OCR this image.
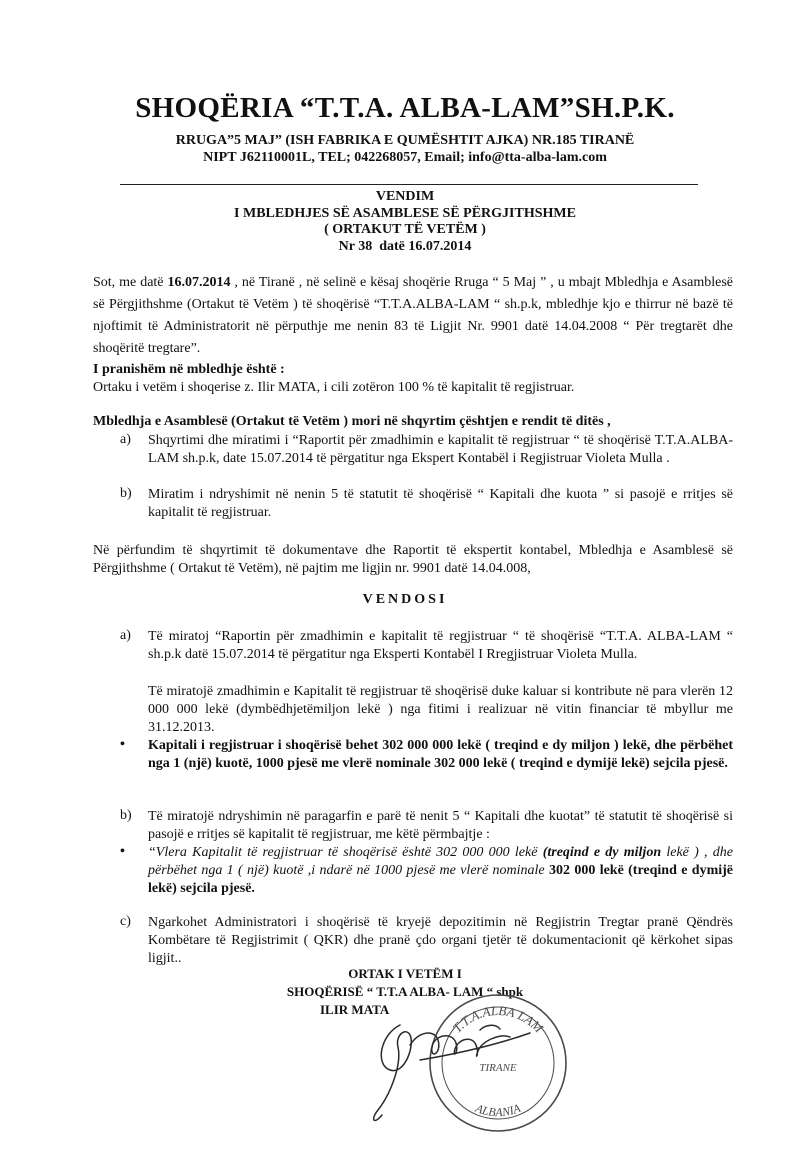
SHOQËRIA “T.T.A. ALBA-LAM”SH.P.K.
RRUGA”5 MAJ” (ISH FABRIKA E QUMËSHTIT AJKA) NR.185 TIRANË
NIPT J62110001L, TEL; 042268057, Email; info@tta-alba-lam.com
VENDIM
I MBLEDHJES SË ASAMBLESE SË PËRGJITHSHME
( ORTAKUT TË VETËM )
Nr 38 datë 16.07.2014
Sot, me datë 16.07.2014 , në Tiranë , në selinë e kësaj shoqërie Rruga “ 5 Maj ” , u mbajt Mbledhja e Asamblesë së Përgjithshme (Ortakut të Vetëm ) të shoqërisë “T.T.A.ALBA-LAM “ sh.p.k, mbledhje kjo e thirrur në bazë të njoftimit të Administratorit në përputhje me nenin 83 të Ligjit Nr. 9901 datë 14.04.2008 “ Për tregtarët dhe shoqëritë tregtare”.
I pranishëm në mbledhje është :
Ortaku i vetëm i shoqerise z. Ilir MATA, i cili zotëron 100 % të kapitalit të regjistruar.
Mbledhja e Asamblesë (Ortakut të Vetëm ) mori në shqyrtim çështjen e rendit të ditës ,
a) Shqyrtimi dhe miratimi i “Raportit për zmadhimin e kapitalit të regjistruar “ të shoqërisë T.T.A.ALBA-LAM sh.p.k, date 15.07.2014 të përgatitur nga Ekspert Kontabël i Regjistruar Violeta Mulla .
b) Miratim i ndryshimit në nenin 5 të statutit të shoqërisë “ Kapitali dhe kuota ” si pasojë e rritjes së kapitalit të regjistruar.
Në përfundim të shqyrtimit të dokumentave dhe Raportit të ekspertit kontabel, Mbledhja e Asamblesë së Përgjithshme ( Ortakut të Vetëm), në pajtim me ligjin nr. 9901 datë 14.04.008,
VENDOSI
a) Të miratoj “Raportin për zmadhimin e kapitalit të regjistruar “ të shoqërisë “T.T.A. ALBA-LAM “ sh.p.k datë 15.07.2014 të përgatitur nga Eksperti Kontabël I Rregjistruar Violeta Mulla.
Të miratojë zmadhimin e Kapitalit të regjistruar të shoqërisë duke kaluar si kontribute në para vlerën 12 000 000 lekë (dymbëdhjetëmiljon lekë ) nga fitimi i realizuar në vitin financiar të mbyllur me 31.12.2013.
• Kapitali i regjistruar i shoqërisë behet 302 000 000 lekë ( treqind e dy miljon ) lekë, dhe përbëhet nga 1 (një) kuotë, 1000 pjesë me vlerë nominale 302 000 lekë ( treqind e dymijë lekë) sejcila pjesë.
b) Të miratojë ndryshimin në paragarfin e parë të nenit 5 “ Kapitali dhe kuotat” të statutit të shoqërisë si pasojë e rritjes së kapitalit të regjistruar, me këtë përmbajtje :
• “Vlera Kapitalit të regjistruar të shoqërisë është 302 000 000 lekë (treqind e dy miljon lekë ) , dhe përbëhet nga 1 ( një) kuotë ,i ndarë në 1000 pjesë me vlerë nominale 302 000 lekë (treqind e dymijë lekë) sejcila pjesë.
c) Ngarkohet Administratori i shoqërisë të kryejë depozitimin në Regjistrin Tregtar pranë Qëndrës Kombëtare të Regjistrimit ( QKR) dhe pranë çdo organi tjetër të dokumentacionit që kërkohet sipas ligjit..
ORTAK I VETËM I
SHOQËRISË “ T.T.A ALBA- LAM “ shpk
ILIR MATA
T.T.A.ALBA LAM
TIRANE
ALBANIA
